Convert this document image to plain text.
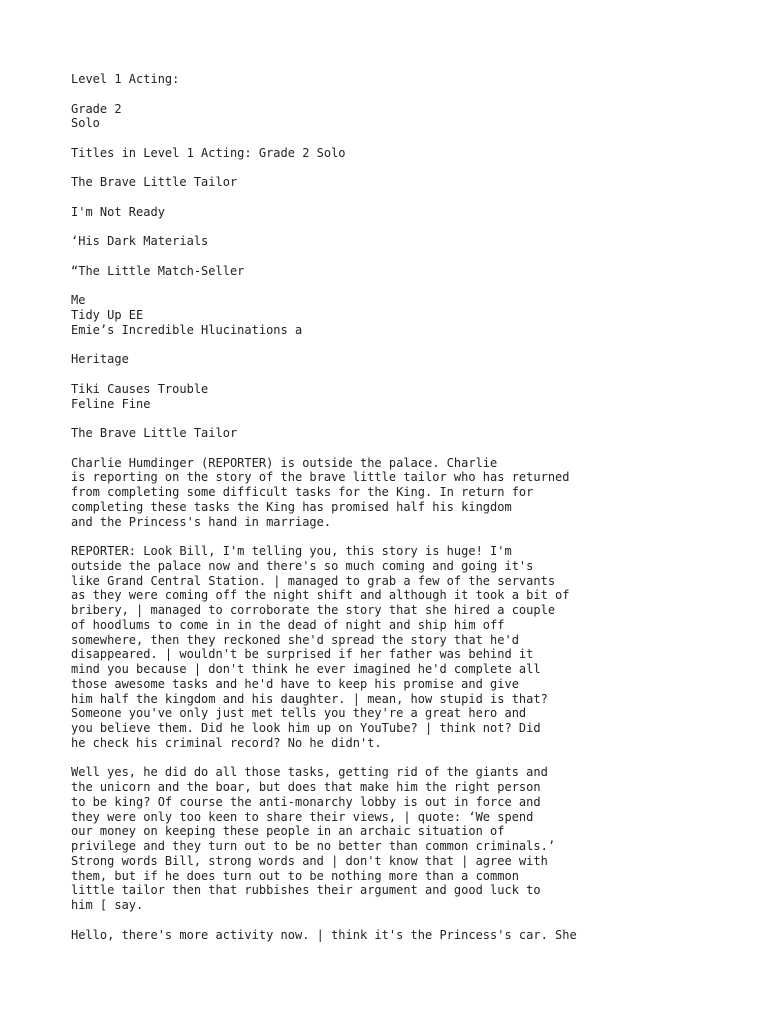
Level 1 Acting:
Grade 2
Solo
Titles in Level 1 Acting: Grade 2 Solo
The Brave Little Tailor
I'm Not Ready
‘His Dark Materials
“The Little Match-Seller
Me
Tidy Up EE
Emie’s Incredible Hlucinations a
Heritage
Tiki Causes Trouble
Feline Fine
The Brave Little Tailor
Charlie Humdinger (REPORTER) is outside the palace. Charlie
is reporting on the story of the brave little tailor who has returned
from completing some difficult tasks for the King. In return for
completing these tasks the King has promised half his kingdom
and the Princess's hand in marriage.
REPORTER: Look Bill, I'm telling you, this story is huge! I'm
outside the palace now and there's so much coming and going it's
like Grand Central Station. | managed to grab a few of the servants
as they were coming off the night shift and although it took a bit of
bribery, | managed to corroborate the story that she hired a couple
of hoodlums to come in in the dead of night and ship him off
somewhere, then they reckoned she'd spread the story that he'd
disappeared. | wouldn't be surprised if her father was behind it
mind you because | don't think he ever imagined he'd complete all
those awesome tasks and he'd have to keep his promise and give
him half the kingdom and his daughter. | mean, how stupid is that?
Someone you've only just met tells you they're a great hero and
you believe them. Did he look him up on YouTube? | think not? Did
he check his criminal record? No he didn't.
Well yes, he did do all those tasks, getting rid of the giants and
the unicorn and the boar, but does that make him the right person
to be king? Of course the anti-monarchy lobby is out in force and
they were only too keen to share their views, | quote: ‘We spend
our money on keeping these people in an archaic situation of
privilege and they turn out to be no better than common criminals.’
Strong words Bill, strong words and | don't know that | agree with
them, but if he does turn out to be nothing more than a common
little tailor then that rubbishes their argument and good luck to
him [ say.
Hello, there's more activity now. | think it's the Princess's car. She
